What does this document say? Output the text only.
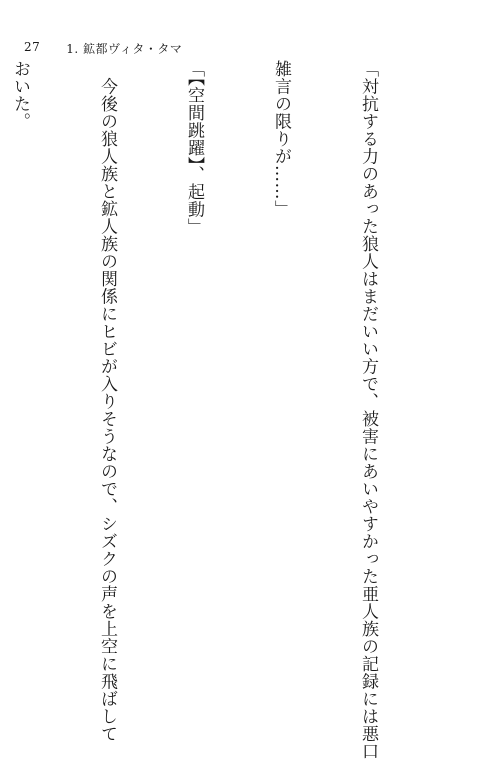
27 1. 鉱都ヴィタ・タマ

「対抗する力のあった狼人はまだいい方で、被害にあいやすかった亜人族の記録には悪口

雑言の限りが……」

「【空間跳躍】、起動」

　今後の狼人族と鉱人族の関係にヒビが入りそうなので、シズクの声を上空に飛ばして

おいた。
